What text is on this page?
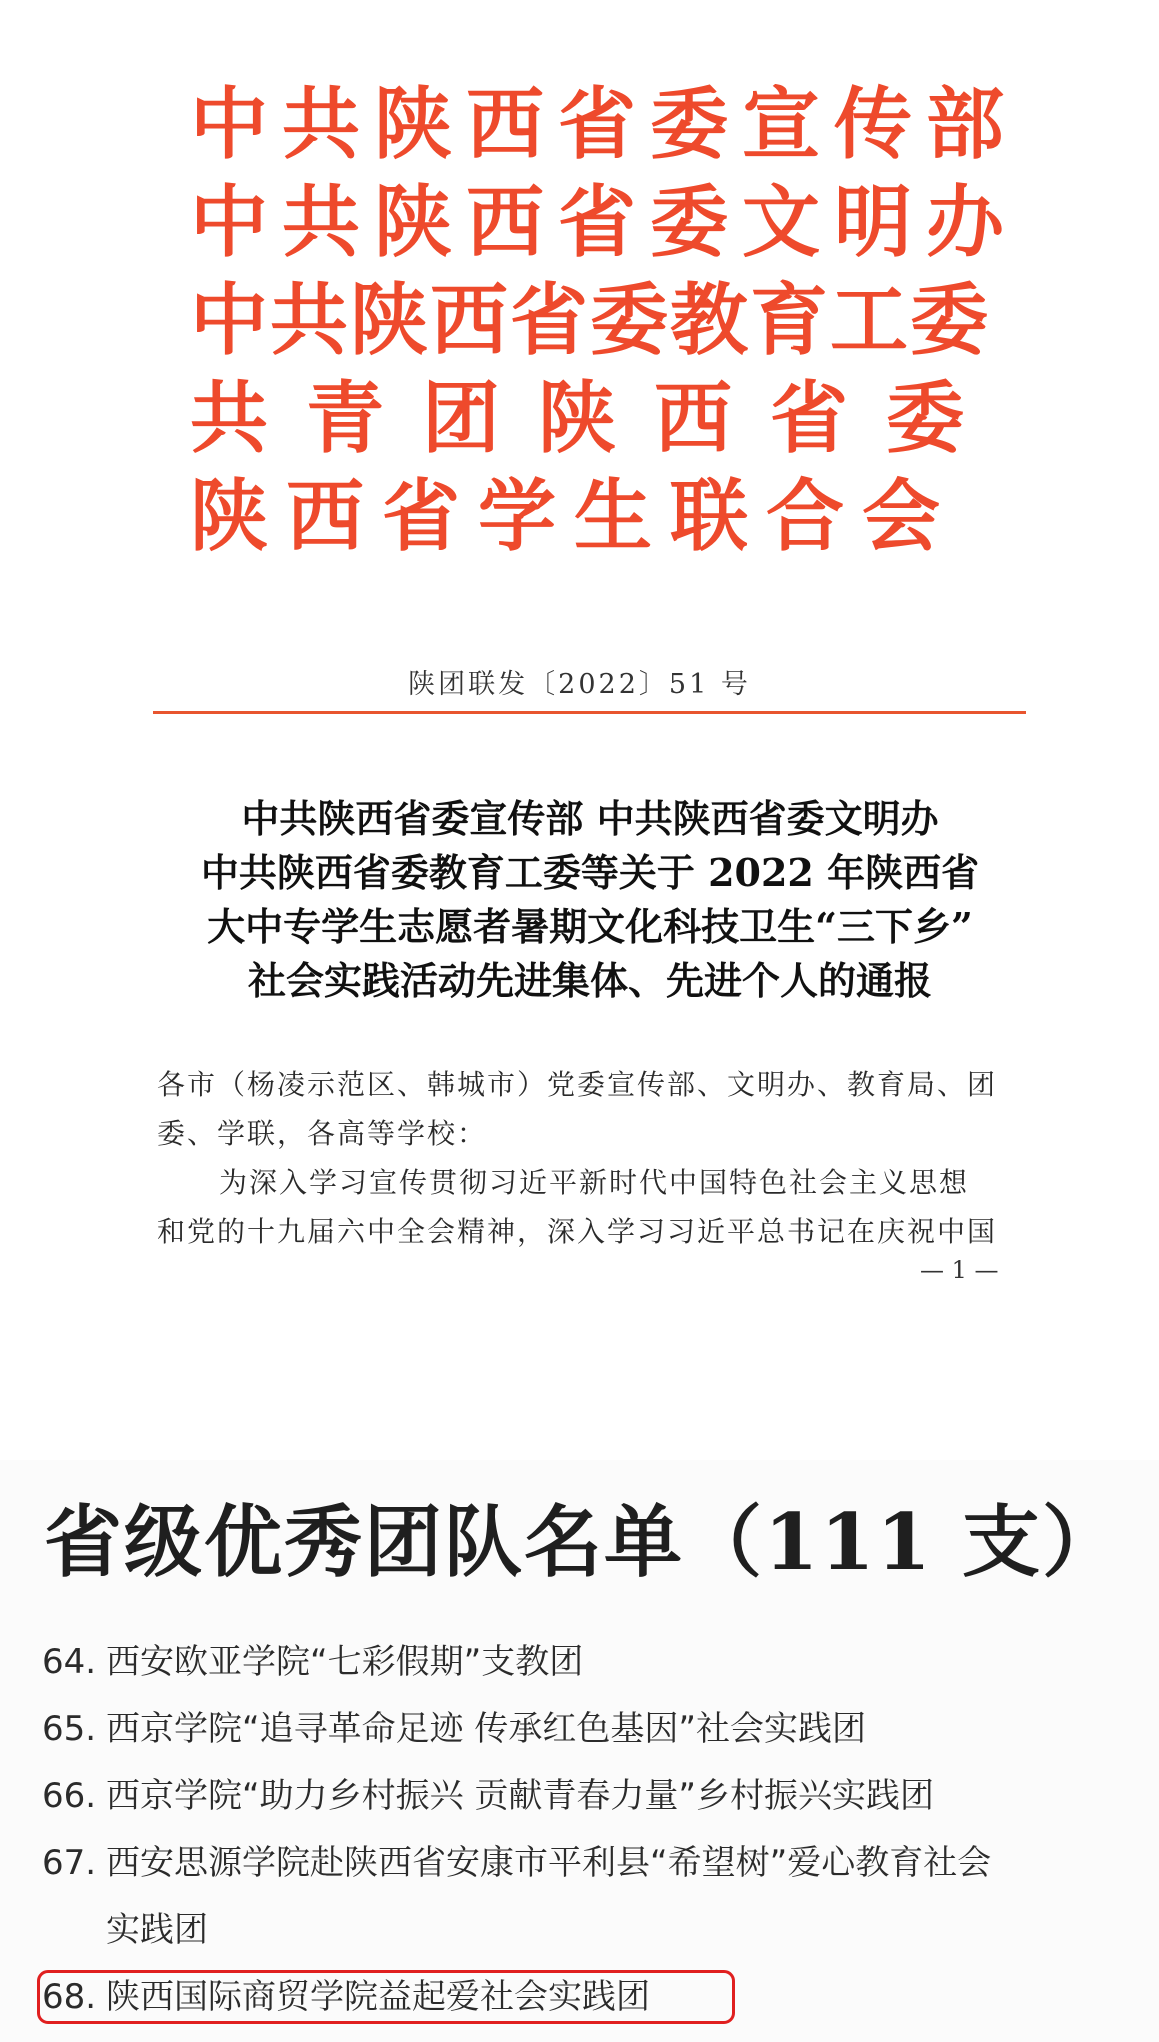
中共陕西省委宣传部
中共陕西省委文明办
中共陕西省委教育工委
共青团陕西省委
陕西省学生联合会
陕团联发〔2022〕51 号
中共陕西省委宣传部 中共陕西省委文明办
中共陕西省委教育工委等关于 2022 年陕西省
大中专学生志愿者暑期文化科技卫生“三下乡”
社会实践活动先进集体、先进个人的通报

各市（杨凌示范区、韩城市）党委宣传部、文明办、教育局、团

委、学联，各高等学校：

为深入学习宣传贯彻习近平新时代中国特色社会主义思想

和党的十九届六中全会精神，深入学习习近平总书记在庆祝中国

— 1 —
省级优秀团队名单（111 支）
64. 西安欧亚学院“七彩假期”支教团
65. 西京学院“追寻革命足迹 传承红色基因”社会实践团
66. 西京学院“助力乡村振兴 贡献青春力量”乡村振兴实践团
67. 西安思源学院赴陕西省安康市平利县“希望树”爱心教育社会
实践团
68. 陕西国际商贸学院益起爱社会实践团
